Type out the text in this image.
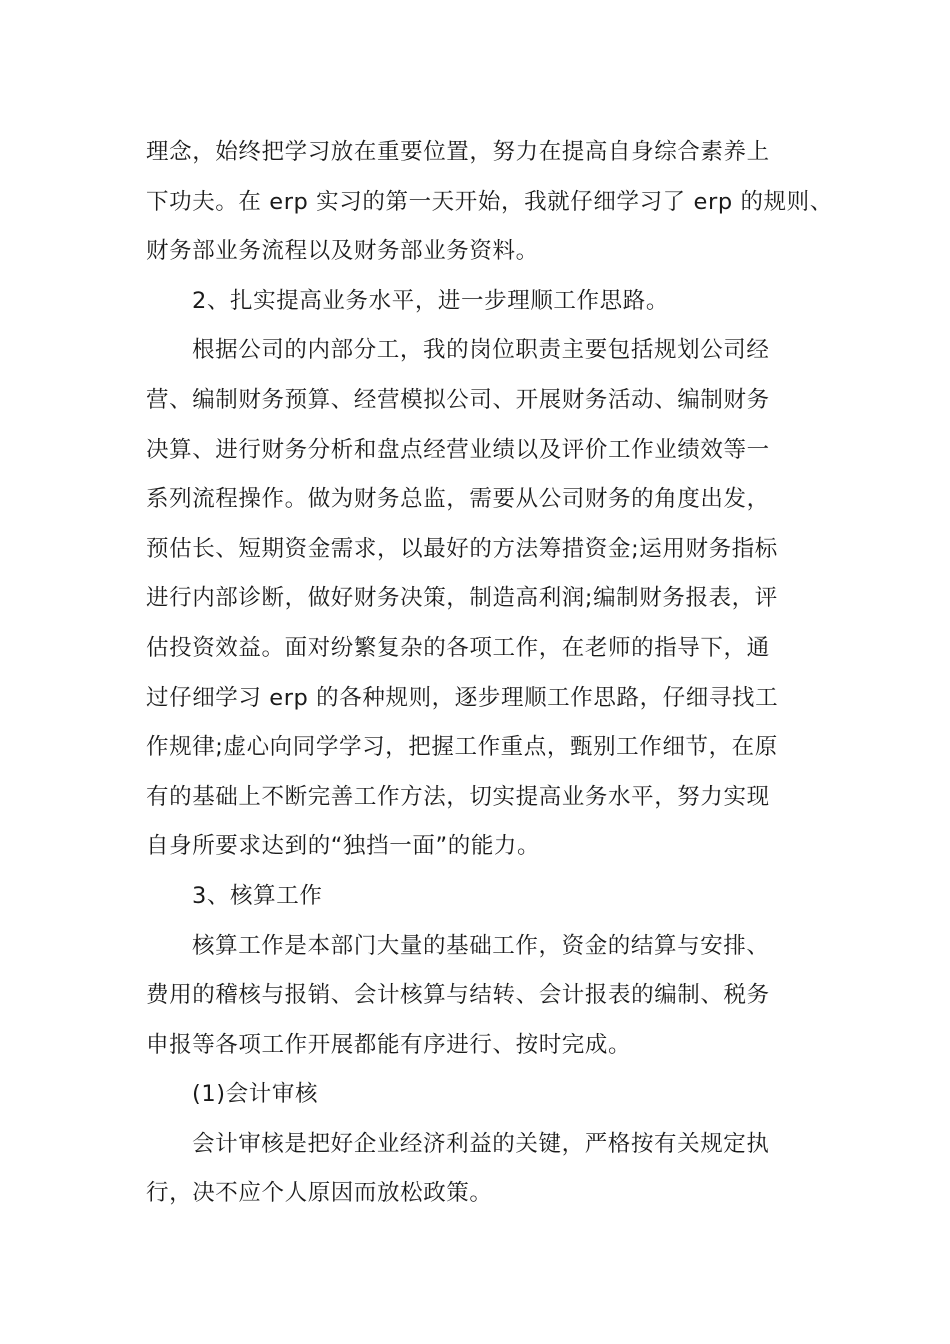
理念，始终把学习放在重要位置，努力在提高自身综合素养上
下功夫。在 erp 实习的第一天开始，我就仔细学习了 erp 的规则、
财务部业务流程以及财务部业务资料。

2、扎实提高业务水平，进一步理顺工作思路。

根据公司的内部分工，我的岗位职责主要包括规划公司经
营、编制财务预算、经营模拟公司、开展财务活动、编制财务
决算、进行财务分析和盘点经营业绩以及评价工作业绩效等一
系列流程操作。做为财务总监，需要从公司财务的角度出发，
预估长、短期资金需求，以最好的方法筹措资金;运用财务指标
进行内部诊断，做好财务决策，制造高利润;编制财务报表，评
估投资效益。面对纷繁复杂的各项工作，在老师的指导下，通
过仔细学习 erp 的各种规则，逐步理顺工作思路，仔细寻找工
作规律;虚心向同学学习，把握工作重点，甄别工作细节，在原
有的基础上不断完善工作方法，切实提高业务水平，努力实现
自身所要求达到的“独挡一面”的能力。

3、核算工作

核算工作是本部门大量的基础工作，资金的结算与安排、
费用的稽核与报销、会计核算与结转、会计报表的编制、税务
申报等各项工作开展都能有序进行、按时完成。

(1)会计审核

会计审核是把好企业经济利益的关键，严格按有关规定执
行，决不应个人原因而放松政策。
